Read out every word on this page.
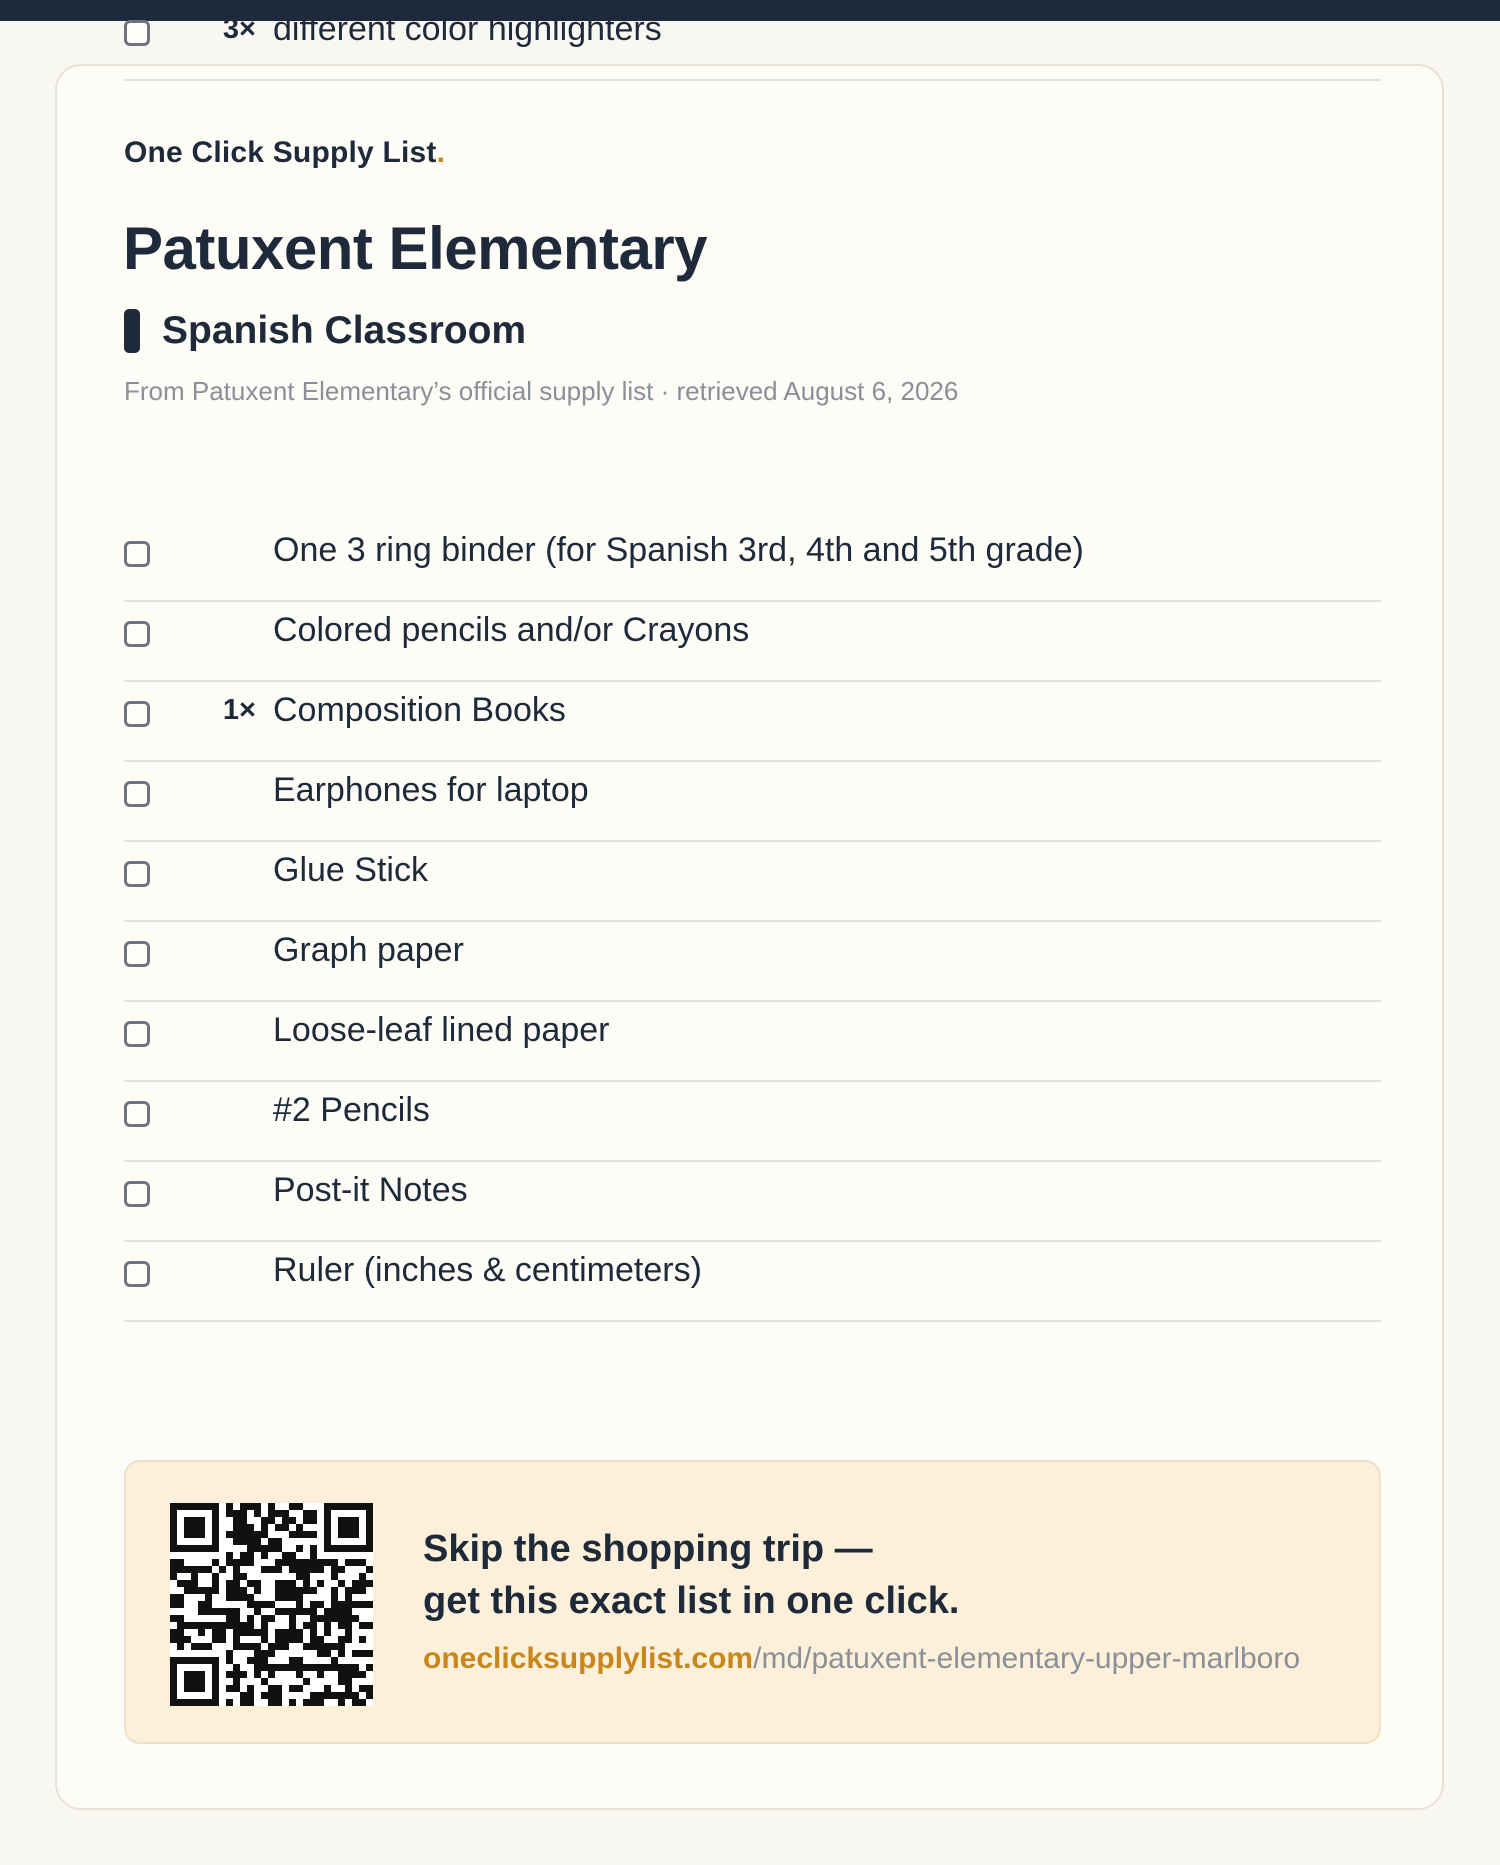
One Click Supply List.
Patuxent Elementary
Spanish Classroom
From Patuxent Elementary’s official supply list · retrieved August 6, 2026
3× different color highlighters
One 3 ring binder (for Spanish 3rd, 4th and 5th grade)
Colored pencils and/or Crayons
1× Composition Books
Earphones for laptop
Glue Stick
Graph paper
Loose-leaf lined paper
#2 Pencils
Post-it Notes
Ruler (inches & centimeters)
Skip the shopping trip —
get this exact list in one click.
oneclicksupplylist.com/md/patuxent-elementary-upper-marlboro
